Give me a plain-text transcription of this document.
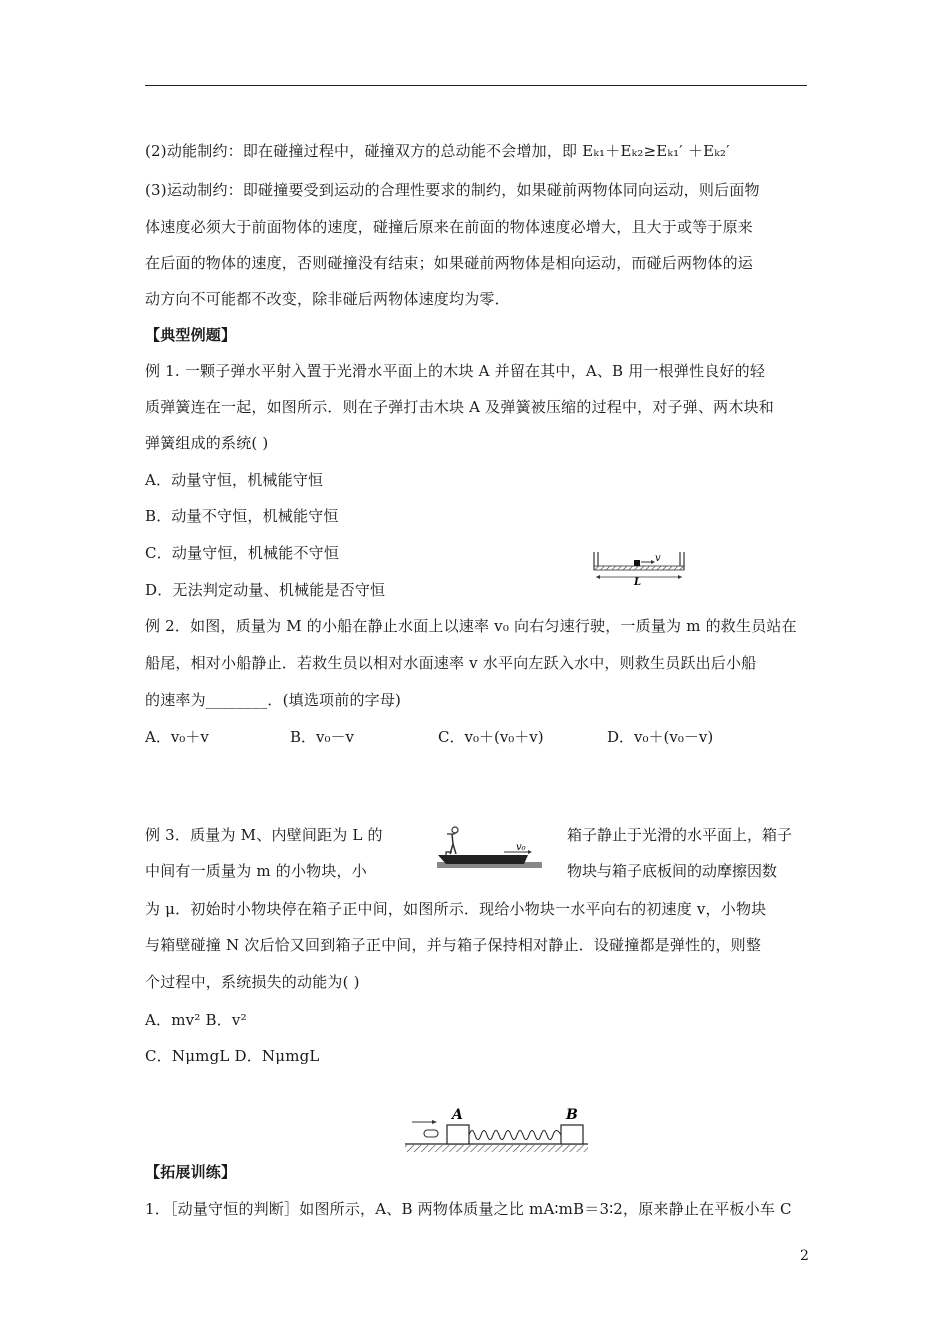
(2)动能制约：即在碰撞过程中，碰撞双方的总动能不会增加，即 Eₖ₁＋Eₖ₂≥Eₖ₁′ ＋Eₖ₂′
(3)运动制约：即碰撞要受到运动的合理性要求的制约，如果碰前两物体同向运动，则后面物
体速度必须大于前面物体的速度，碰撞后原来在前面的物体速度必增大，且大于或等于原来
在后面的物体的速度，否则碰撞没有结束；如果碰前两物体是相向运动，而碰后两物体的运
动方向不可能都不改变，除非碰后两物体速度均为零．
【典型例题】
例 1. 一颗子弹水平射入置于光滑水平面上的木块 A 并留在其中，A、B 用一根弹性良好的轻
质弹簧连在一起，如图所示．则在子弹打击木块 A 及弹簧被压缩的过程中，对子弹、两木块和
弹簧组成的系统( )
A．动量守恒，机械能守恒
B．动量不守恒，机械能守恒
C．动量守恒，机械能不守恒
D．无法判定动量、机械能是否守恒
v
L
例 2．如图，质量为 M 的小船在静止水面上以速率 v₀ 向右匀速行驶，一质量为 m 的救生员站在
船尾，相对小船静止．若救生员以相对水面速率 v 水平向左跃入水中，则救生员跃出后小船
的速率为________．(填选项前的字母)
A．v₀＋v	B．v₀－v	C．v₀＋(v₀＋v)	D．v₀＋(v₀－v)
例 3．质量为 M、内壁间距为 L 的	箱子静止于光滑的水平面上，箱子
v₀
中间有一质量为 m 的小物块，小	物块与箱子底板间的动摩擦因数
为 μ．初始时小物块停在箱子正中间，如图所示．现给小物块一水平向右的初速度 v，小物块
与箱壁碰撞 N 次后恰又回到箱子正中间，并与箱子保持相对静止．设碰撞都是弹性的，则整
个过程中，系统损失的动能为( )
A．mv² B．v²
C．NμmgL D．NμmgL
A	B
【拓展训练】
1．［动量守恒的判断］如图所示，A、B 两物体质量之比 mA∶mB＝3∶2，原来静止在平板小车 C
2
